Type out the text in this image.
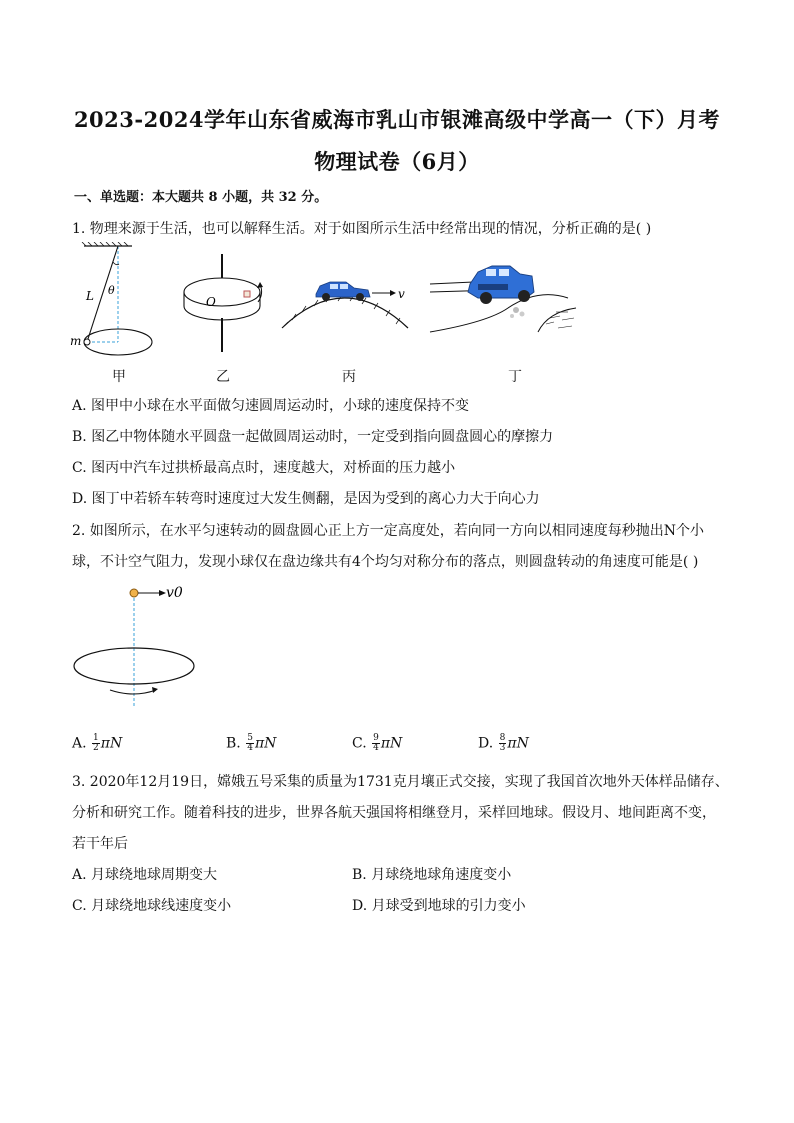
2023-2024学年山东省威海市乳山市银滩高级中学高一（下）月考
物理试卷（6月）
一、单选题：本大题共 8 小题，共 32 分。
1. 物理来源于生活，也可以解释生活。对于如图所示生活中经常出现的情况，分析正确的是( )
L θ
m
O
v
甲	乙	丙	丁
A. 图甲中小球在水平面做匀速圆周运动时，小球的速度保持不变
B. 图乙中物体随水平圆盘一起做圆周运动时，一定受到指向圆盘圆心的摩擦力
C. 图丙中汽车过拱桥最高点时，速度越大，对桥面的压力越小
D. 图丁中若轿车转弯时速度过大发生侧翻，是因为受到的离心力大于向心力
2. 如图所示，在水平匀速转动的圆盘圆心正上方一定高度处，若向同一方向以相同速度每秒抛出N个小
球，不计空气阻力，发现小球仅在盘边缘共有4个均匀对称分布的落点，则圆盘转动的角速度可能是( )
v0
A. $\frac{1}{2}$ πN	B. $\frac{5}{4}$ πN	C. $\frac{9}{4}$ πN	D. $\frac{8}{3}$ πN
3. 2020年12月19日，嫦娥五号采集的质量为1731克月壤正式交接，实现了我国首次地外天体样品储存、
分析和研究工作。随着科技的进步，世界各航天强国将相继登月，采样回地球。假设月、地间距离不变，
若干年后
A. 月球绕地球周期变大	B. 月球绕地球角速度变小
C. 月球绕地球线速度变小	D. 月球受到地球的引力变小
